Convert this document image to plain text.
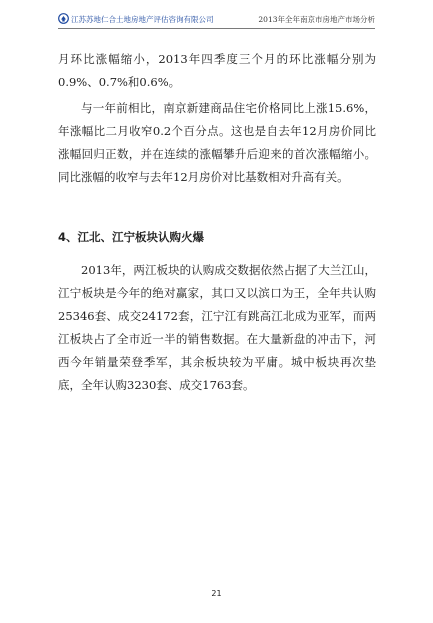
江苏苏地仁合土地房地产评估咨询有限公司	2013年全年南京市房地产市场分析

月环比涨幅缩小，2013年四季度三个月的环比涨幅分别为0.9%、0.7%和0.6%。

与一年前相比，南京新建商品住宅价格同比上涨15.6%，年涨幅比二月收窄0.2个百分点。这也是自去年12月房价同比涨幅回归正数，并在连续的涨幅攀升后迎来的首次涨幅缩小。同比涨幅的收窄与去年12月房价对比基数相对升高有关。

4、江北、江宁板块认购火爆

2013年，两江板块的认购成交数据依然占据了大兰江山，江宁板块是今年的绝对赢家，其口又以滨口为王，全年共认购25346套、成交24172套，江宁江有跳高江北成为亚军，而两江板块占了全市近一半的销售数据。在大量新盘的冲击下，河西今年销量荣登季军，其余板块较为平庸。城中板块再次垫底，全年认购3230套、成交1763套。

21
